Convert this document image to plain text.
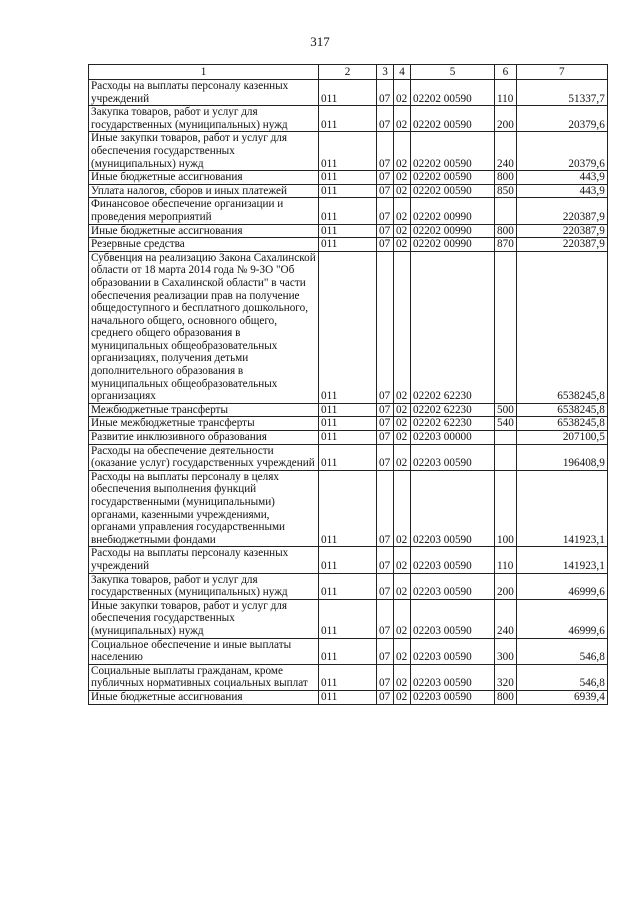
317
1	2	3	4	5	6	7
Расходы на выплаты персоналу казенных учреждений	011	07	02	02202 00590	110	51337,7
Закупка товаров, работ и услуг для государственных (муниципальных) нужд	011	07	02	02202 00590	200	20379,6
Иные закупки товаров, работ и услуг для обеспечения государственных (муниципальных) нужд	011	07	02	02202 00590	240	20379,6
Иные бюджетные ассигнования	011	07	02	02202 00590	800	443,9
Уплата налогов, сборов и иных платежей	011	07	02	02202 00590	850	443,9
Финансовое обеспечение организации и проведения мероприятий	011	07	02	02202 00990		220387,9
Иные бюджетные ассигнования	011	07	02	02202 00990	800	220387,9
Резервные средства	011	07	02	02202 00990	870	220387,9
Субвенция на реализацию Закона Сахалинской области от 18 марта 2014 года № 9-ЗО "Об образовании в Сахалинской области" в части обеспечения реализации прав на получение общедоступного и бесплатного дошкольного, начального общего, основного общего, среднего общего образования в муниципальных общеобразовательных организациях, получения детьми дополнительного образования в муниципальных общеобразовательных организациях	011	07	02	02202 62230		6538245,8
Межбюджетные трансферты	011	07	02	02202 62230	500	6538245,8
Иные межбюджетные трансферты	011	07	02	02202 62230	540	6538245,8
Развитие инклюзивного образования	011	07	02	02203 00000		207100,5
Расходы на обеспечение деятельности (оказание услуг) государственных учреждений	011	07	02	02203 00590		196408,9
Расходы на выплаты персоналу в целях обеспечения выполнения функций государственными (муниципальными) органами, казенными учреждениями, органами управления государственными внебюджетными фондами	011	07	02	02203 00590	100	141923,1
Расходы на выплаты персоналу казенных учреждений	011	07	02	02203 00590	110	141923,1
Закупка товаров, работ и услуг для государственных (муниципальных) нужд	011	07	02	02203 00590	200	46999,6
Иные закупки товаров, работ и услуг для обеспечения государственных (муниципальных) нужд	011	07	02	02203 00590	240	46999,6
Социальное обеспечение и иные выплаты населению	011	07	02	02203 00590	300	546,8
Социальные выплаты гражданам, кроме публичных нормативных социальных выплат	011	07	02	02203 00590	320	546,8
Иные бюджетные ассигнования	011	07	02	02203 00590	800	6939,4
